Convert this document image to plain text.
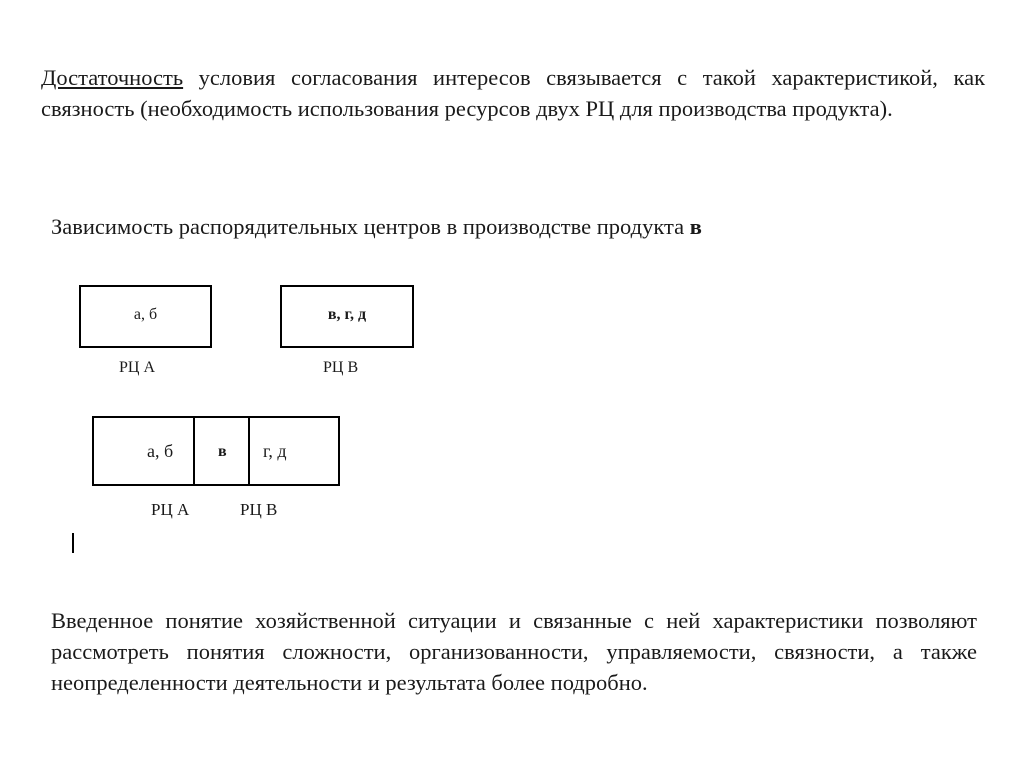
Достаточность условия согласования интересов связывается с такой характеристикой, как связность (необходимость использования ресурсов двух РЦ для производства продукта).
Зависимость распорядительных центров в производстве продукта в
а, б
РЦ А
в, г, д
РЦ В
а, б	в г, д
РЦ А	РЦ В
Введенное понятие хозяйственной ситуации и связанные с ней характеристики позволяют рассмотреть понятия сложности, организованности, управляемости, связности, а также неопределенности деятельности и результата более подробно.
